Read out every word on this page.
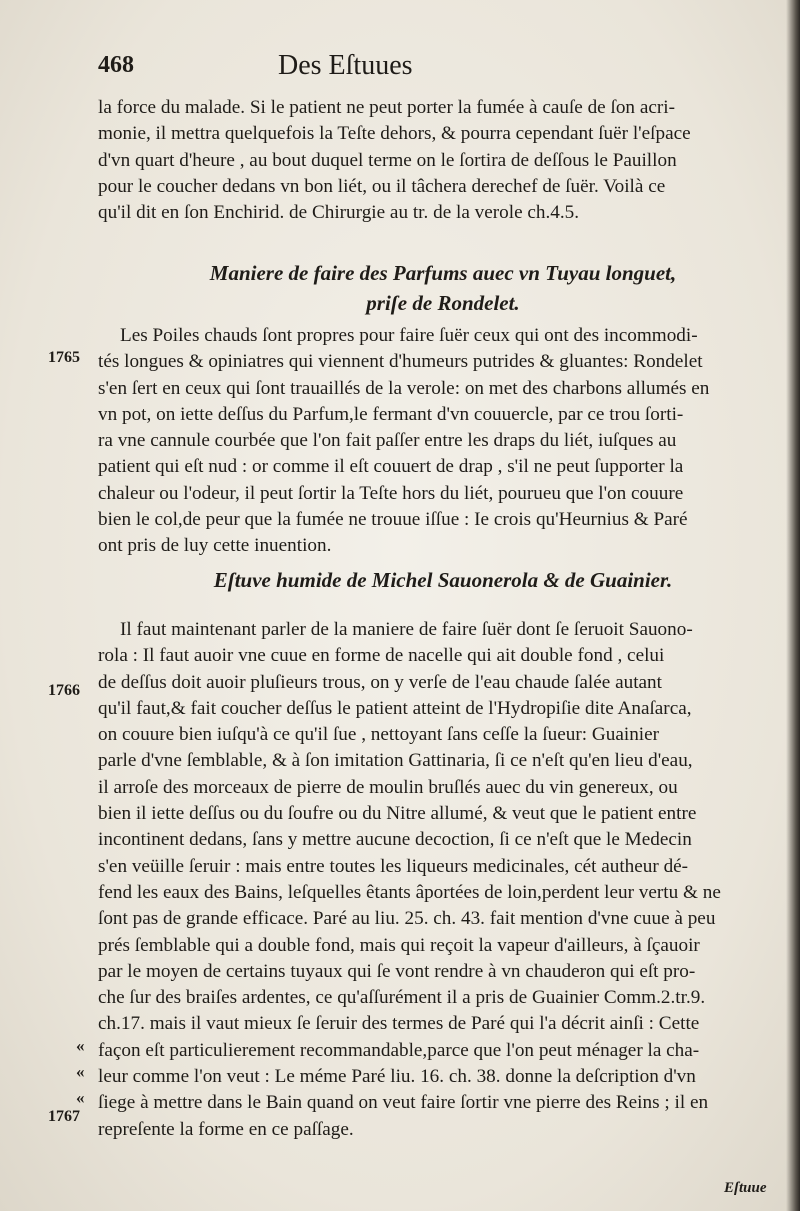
468	Des Eſtuues
la force du malade. Si le patient ne peut porter la fumée à cauſe de ſon acri-
monie, il mettra quelquefois la Teſte dehors, & pourra cependant ſuër l'eſpace
d'vn quart d'heure , au bout duquel terme on le ſortira de deſſous le Pauillon
pour le coucher dedans vn bon liét, ou il tâchera derechef de ſuër. Voilà ce
qu'il dit en ſon Enchirid. de Chirurgie au tr. de la verole ch.4.5.
Maniere de faire des Parfums auec vn Tuyau longuet,
priſe de Rondelet.
Les Poiles chauds ſont propres pour faire ſuër ceux qui ont des incommodi-
tés longues & opiniatres qui viennent d'humeurs putrides & gluantes: Rondelet
s'en ſert en ceux qui ſont trauaillés de la verole: on met des charbons allumés en
vn pot, on iette deſſus du Parfum,le fermant d'vn couuercle, par ce trou ſorti-
ra vne cannule courbée que l'on fait paſſer entre les draps du liét, iuſques au
patient qui eſt nud : or comme il eſt couuert de drap , s'il ne peut ſupporter la
chaleur ou l'odeur, il peut ſortir la Teſte hors du liét, pourueu que l'on couure
bien le col,de peur que la fumée ne trouue iſſue : Ie crois qu'Heurnius & Paré
ont pris de luy cette inuention.
Eſtuve humide de Michel Sauonerola & de Guainier.
Il faut maintenant parler de la maniere de faire ſuër dont ſe ſeruoit Sauono-
rola : Il faut auoir vne cuue en forme de nacelle qui ait double fond , celui
de deſſus doit auoir pluſieurs trous, on y verſe de l'eau chaude ſalée autant
qu'il faut,& fait coucher deſſus le patient atteint de l'Hydropiſie dite Anaſarca,
on couure bien iuſqu'à ce qu'il ſue , nettoyant ſans ceſſe la ſueur: Guainier
parle d'vne ſemblable, & à ſon imitation Gattinaria, ſi ce n'eſt qu'en lieu d'eau,
il arroſe des morceaux de pierre de moulin bruſlés auec du vin genereux, ou
bien il iette deſſus ou du ſoufre ou du Nitre allumé, & veut que le patient entre
incontinent dedans, ſans y mettre aucune decoction, ſi ce n'eſt que le Medecin
s'en veüille ſeruir : mais entre toutes les liqueurs medicinales, cét autheur dé-
fend les eaux des Bains, leſquelles êtants âportées de loin,perdent leur vertu & ne
ſont pas de grande efficace. Paré au liu. 25. ch. 43. fait mention d'vne cuue à peu
prés ſemblable qui a double fond, mais qui reçoit la vapeur d'ailleurs, à ſçauoir
par le moyen de certains tuyaux qui ſe vont rendre à vn chauderon qui eſt pro-
che ſur des braiſes ardentes, ce qu'aſſurément il a pris de Guainier Comm.2.tr.9.
ch.17. mais il vaut mieux ſe ſeruir des termes de Paré qui l'a décrit ainſi : Cette
façon eſt particulierement recommandable,parce que l'on peut ménager la cha-
leur comme l'on veut : Le méme Paré liu. 16. ch. 38. donne la deſcription d'vn
ſiege à mettre dans le Bain quand on veut faire ſortir vne pierre des Reins ; il en
repreſente la forme en ce paſſage.
1765
1766
1767
«
«
«
Eſtuue
